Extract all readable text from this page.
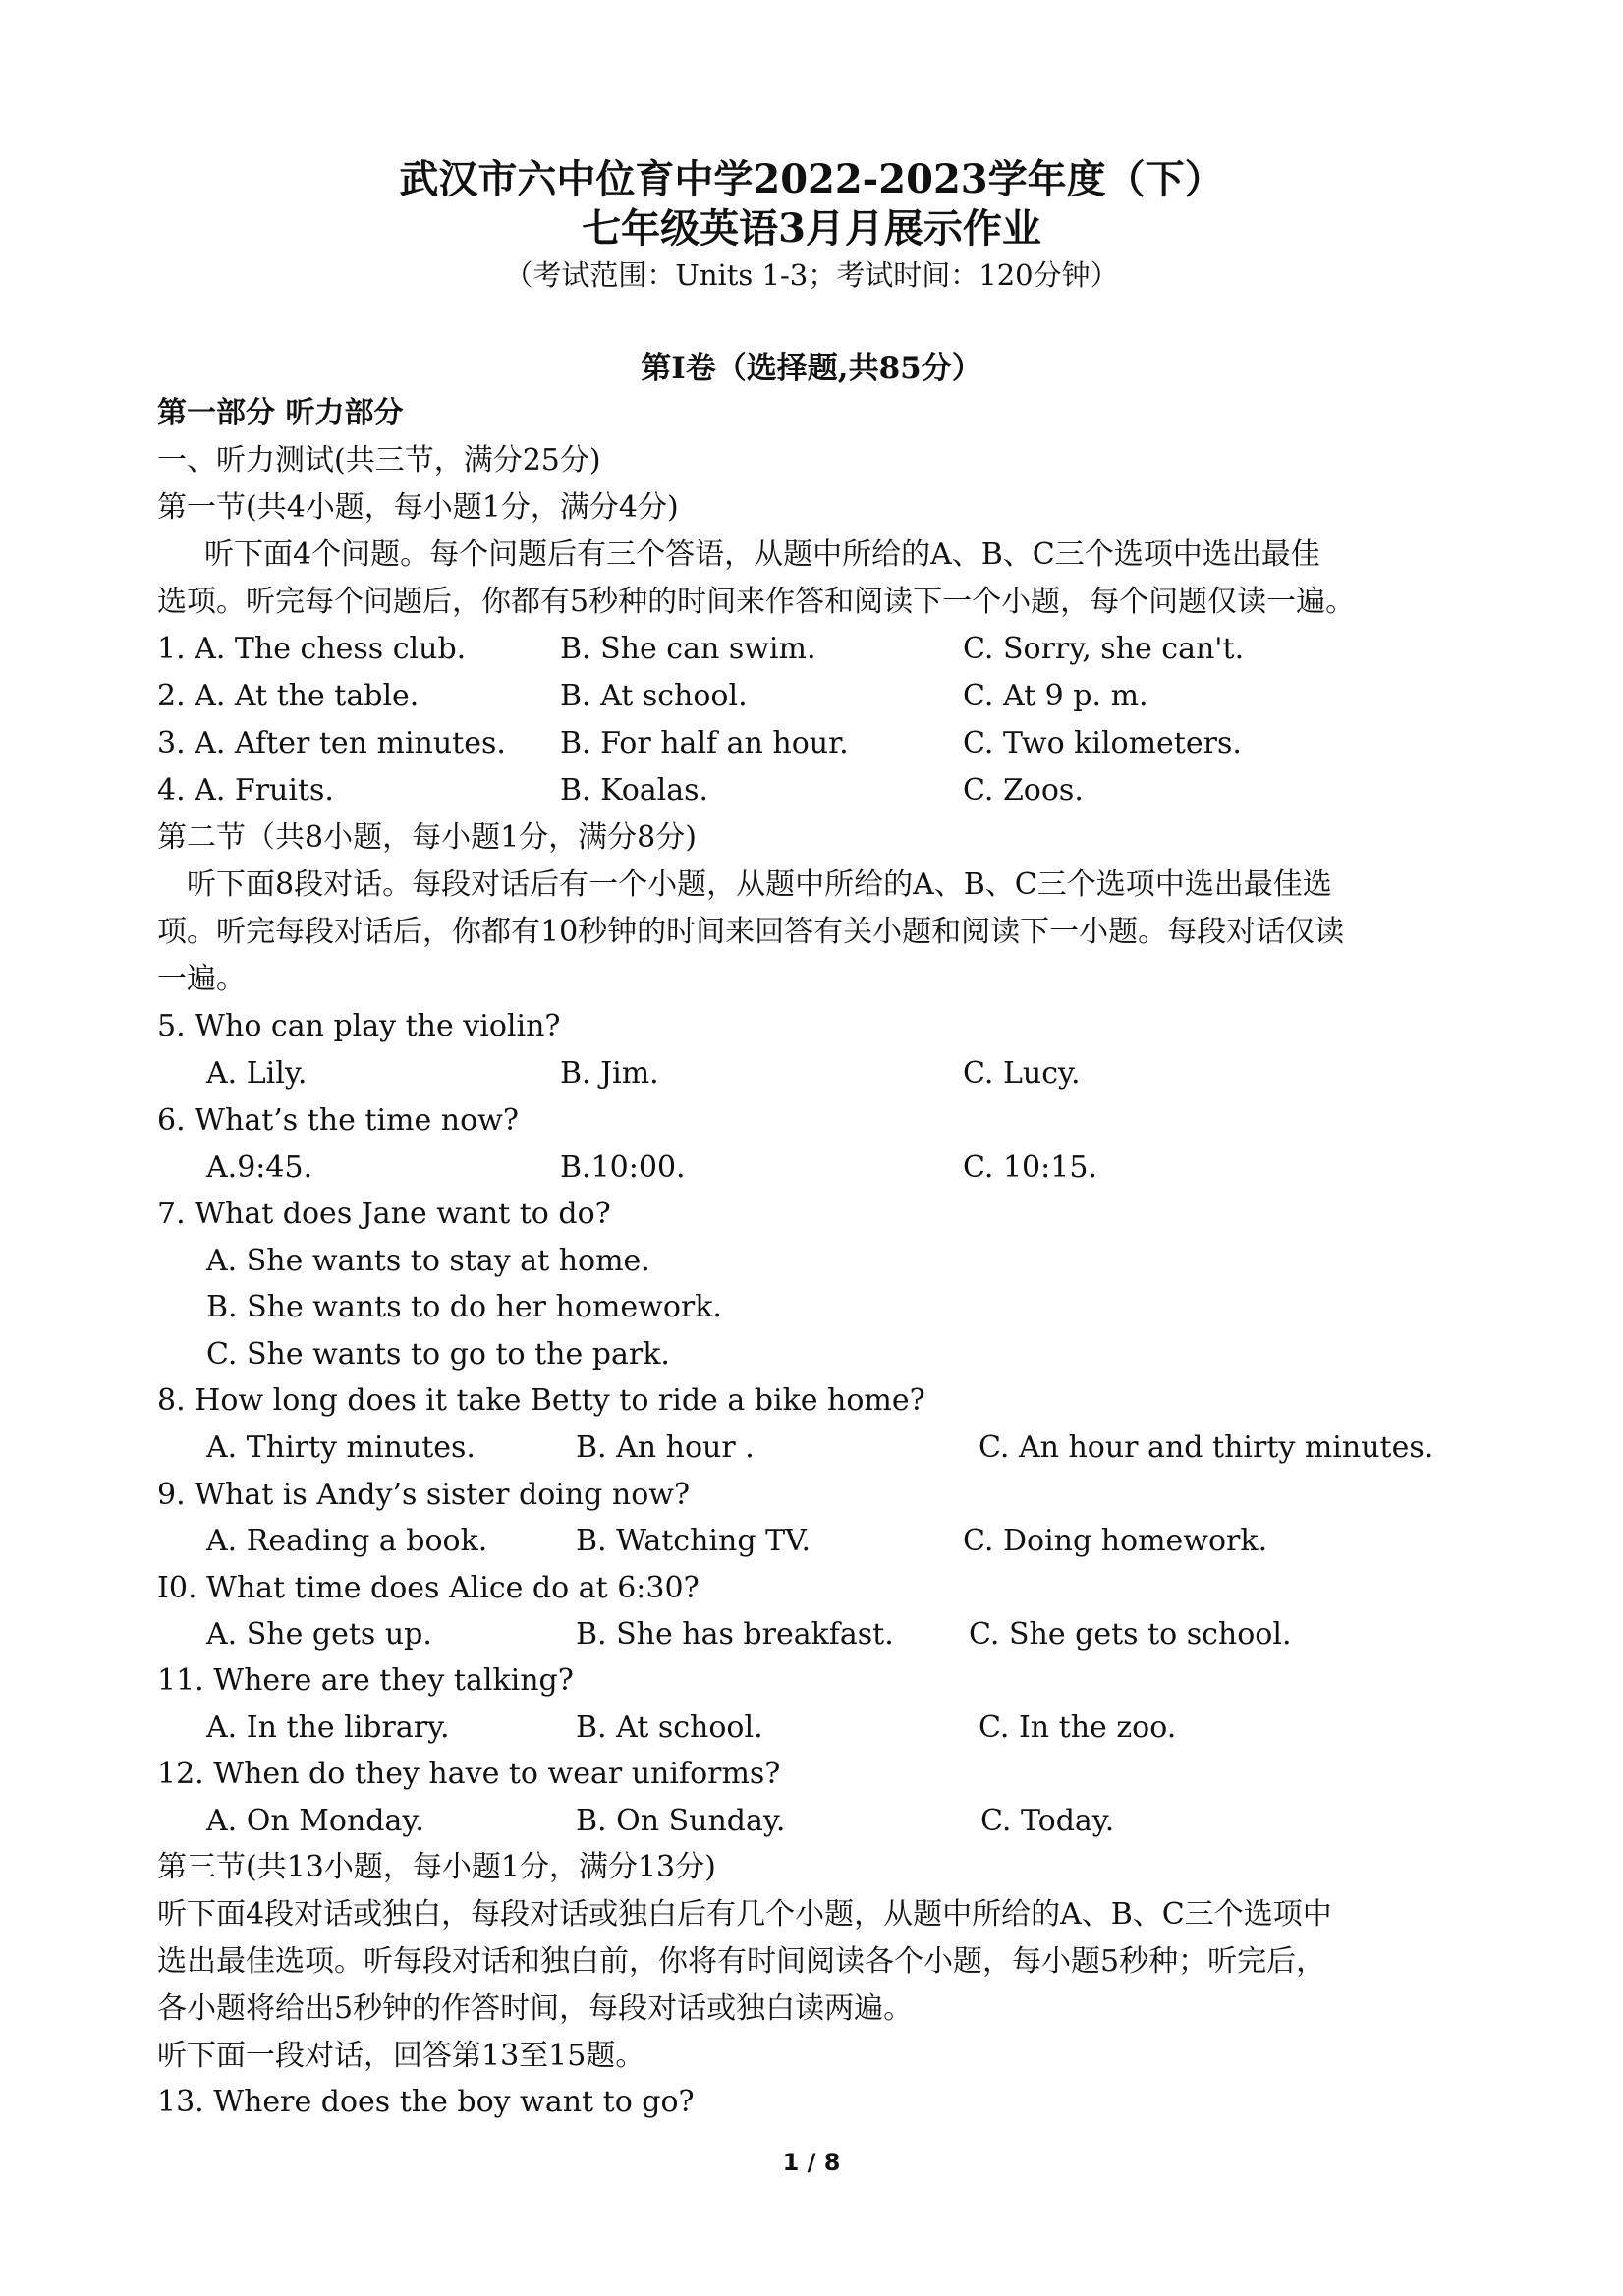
武汉市六中位育中学2022-2023学年度（下）
七年级英语3月月展示作业
（考试范围：Units 1-3；考试时间：120分钟）
第I卷（选择题,共85分）
第一部分 听力部分
一、听力测试(共三节，满分25分)
第一节(共4小题，每小题1分，满分4分)
听下面4个问题。每个问题后有三个答语，从题中所给的A、B、C三个选项中选出最佳
选项。听完每个问题后，你都有5秒种的时间来作答和阅读下一个小题，每个问题仅读一遍。
1. A. The chess club.	B. She can swim.	C. Sorry, she can't.
2. A. At the table.	B. At school.	C. At 9 p. m.
3. A. After ten minutes. B. For half an hour.	C. Two kilometers.
4. A. Fruits.	B. Koalas.	C. Zoos.
第二节（共8小题，每小题1分，满分8分)
听下面8段对话。每段对话后有一个小题，从题中所给的A、B、C三个选项中选出最佳选
项。听完每段对话后，你都有10秒钟的时间来回答有关小题和阅读下一小题。每段对话仅读
一遍。
5. Who can play the violin?
A. Lily.	B. Jim.	C. Lucy.
6. What’s the time now?
A.9:45.	B.10:00.	C. 10:15.
7. What does Jane want to do?
A. She wants to stay at home.
B. She wants to do her homework.
C. She wants to go to the park.
8. How long does it take Betty to ride a bike home?
A. Thirty minutes.	B. An hour .	C. An hour and thirty minutes.
9. What is Andy’s sister doing now?
A. Reading a book.	B. Watching TV.	C. Doing homework.
I0. What time does Alice do at 6:30?
A. She gets up.	B. She has breakfast.	C. She gets to school.
11. Where are they talking?
A. In the library.	B. At school.	C. In the zoo.
12. When do they have to wear uniforms?
A. On Monday.	B. On Sunday.	C. Today.
第三节(共13小题，每小题1分，满分13分)
听下面4段对话或独白，每段对话或独白后有几个小题，从题中所给的A、B、C三个选项中
选出最佳选项。听每段对话和独白前，你将有时间阅读各个小题，每小题5秒种；听完后，
各小题将给出5秒钟的作答时间，每段对话或独白读两遍。
听下面一段对话，回答第13至15题。
13. Where does the boy want to go?
1 / 8
